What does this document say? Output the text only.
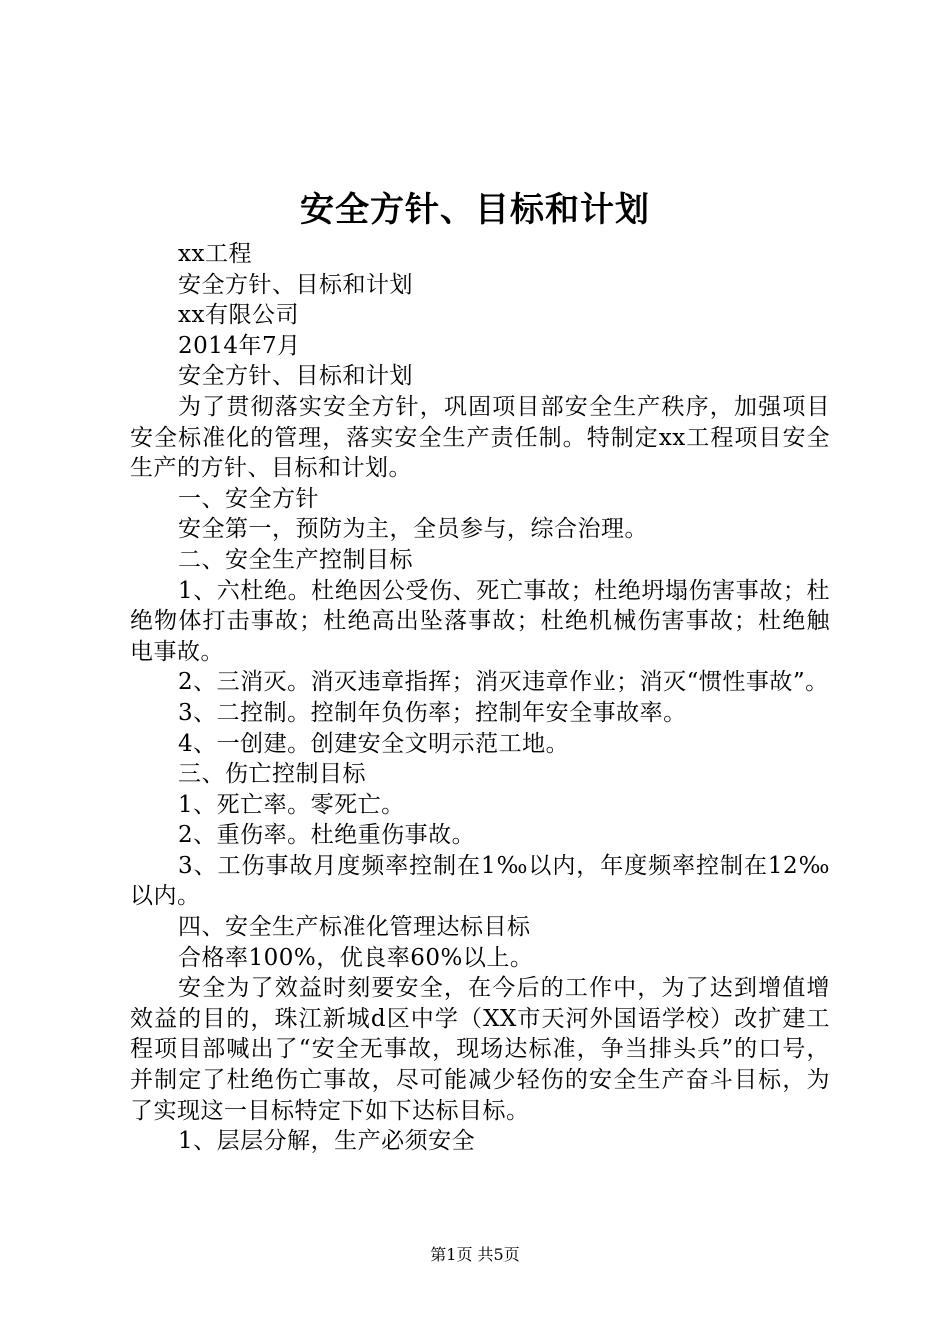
安全方针、目标和计划

xx工程

安全方针、目标和计划

xx有限公司

2014年7月

安全方针、目标和计划

为了贯彻落实安全方针，巩固项目部安全生产秩序，加强项目安全标准化的管理，落实安全生产责任制。特制定xx工程项目安全生产的方针、目标和计划。

一、安全方针

安全第一，预防为主，全员参与，综合治理。

二、安全生产控制目标

1、六杜绝。杜绝因公受伤、死亡事故；杜绝坍塌伤害事故；杜绝物体打击事故；杜绝高出坠落事故；杜绝机械伤害事故；杜绝触电事故。

2、三消灭。消灭违章指挥；消灭违章作业；消灭“惯性事故”。

3、二控制。控制年负伤率；控制年安全事故率。

4、一创建。创建安全文明示范工地。

三、伤亡控制目标

1、死亡率。零死亡。

2、重伤率。杜绝重伤事故。

3、工伤事故月度频率控制在1‰以内，年度频率控制在12‰以内。

四、安全生产标准化管理达标目标

合格率100%，优良率60%以上。

安全为了效益时刻要安全，在今后的工作中，为了达到增值增效益的目的，珠江新城d区中学（XX市天河外国语学校）改扩建工程项目部喊出了“安全无事故，现场达标准，争当排头兵”的口号，并制定了杜绝伤亡事故，尽可能减少轻伤的安全生产奋斗目标，为了实现这一目标特定下如下达标目标。

1、层层分解，生产必须安全

第1页 共5页
